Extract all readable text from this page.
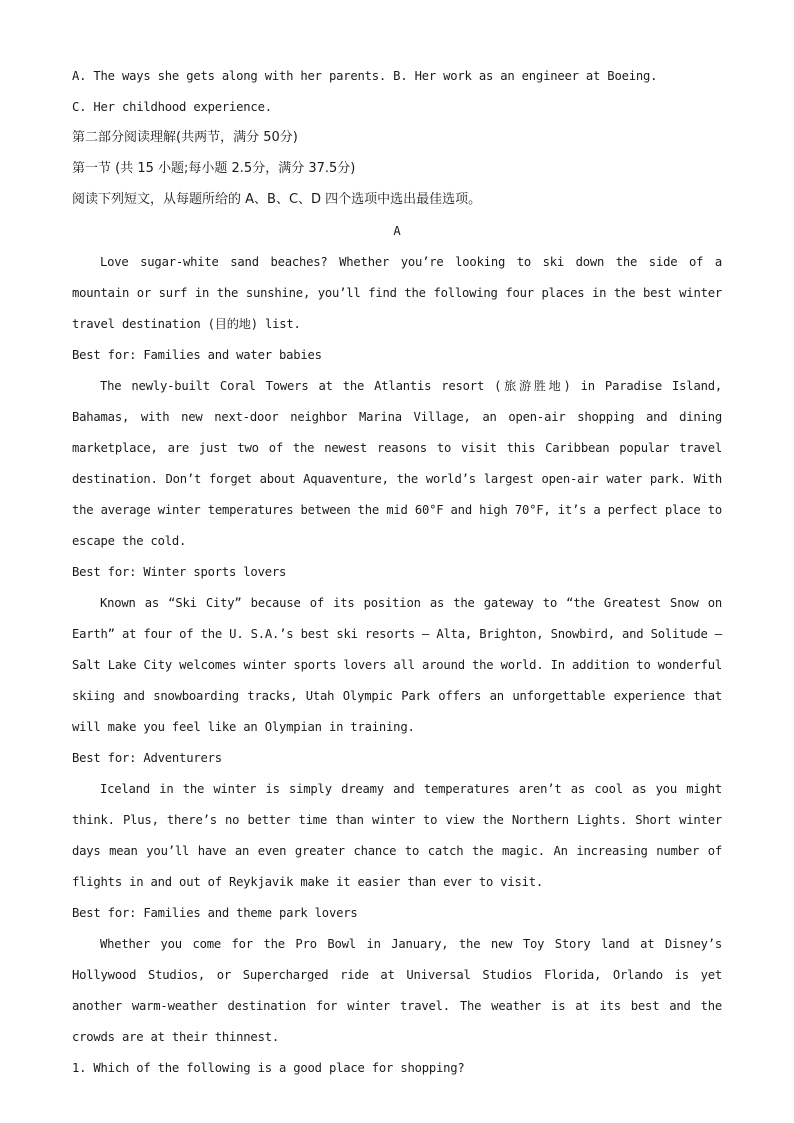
A. The ways she gets along with her parents. B. Her work as an engineer at Boeing.
C. Her childhood experience.
第二部分阅读理解(共两节，满分 50分)
第一节 (共 15 小题;每小题 2.5分，满分 37.5分)
阅读下列短文，从每题所给的 A、B、C、D 四个选项中选出最佳选项。
A

Love sugar-white sand beaches? Whether you’re looking to ski down the side of a mountain or surf in the sunshine, you’ll find the following four places in the best winter travel destination (目的地) list.

Best for: Families and water babies

The newly-built Coral Towers at the Atlantis resort (旅游胜地) in Paradise Island, Bahamas, with new next-door neighbor Marina Village, an open-air shopping and dining marketplace, are just two of the newest reasons to visit this Caribbean popular travel destination. Don’t forget about Aquaventure, the world’s largest open-air water park. With the average winter temperatures between the mid 60°F and high 70°F, it’s a perfect place to escape the cold.

Best for: Winter sports lovers

Known as “Ski City” because of its position as the gateway to “the Greatest Snow on Earth” at four of the U. S.A.’s best ski resorts — Alta, Brighton, Snowbird, and Solitude — Salt Lake City welcomes winter sports lovers all around the world. In addition to wonderful skiing and snowboarding tracks, Utah Olympic Park offers an unforgettable experience that will make you feel like an Olympian in training.

Best for: Adventurers

Iceland in the winter is simply dreamy and temperatures aren’t as cool as you might think. Plus, there’s no better time than winter to view the Northern Lights. Short winter days mean you’ll have an even greater chance to catch the magic. An increasing number of flights in and out of Reykjavik make it easier than ever to visit.

Best for: Families and theme park lovers

Whether you come for the Pro Bowl in January, the new Toy Story land at Disney’s Hollywood Studios, or Supercharged ride at Universal Studios Florida, Orlando is yet another warm-weather destination for winter travel. The weather is at its best and the crowds are at their thinnest.

1. Which of the following is a good place for shopping?
